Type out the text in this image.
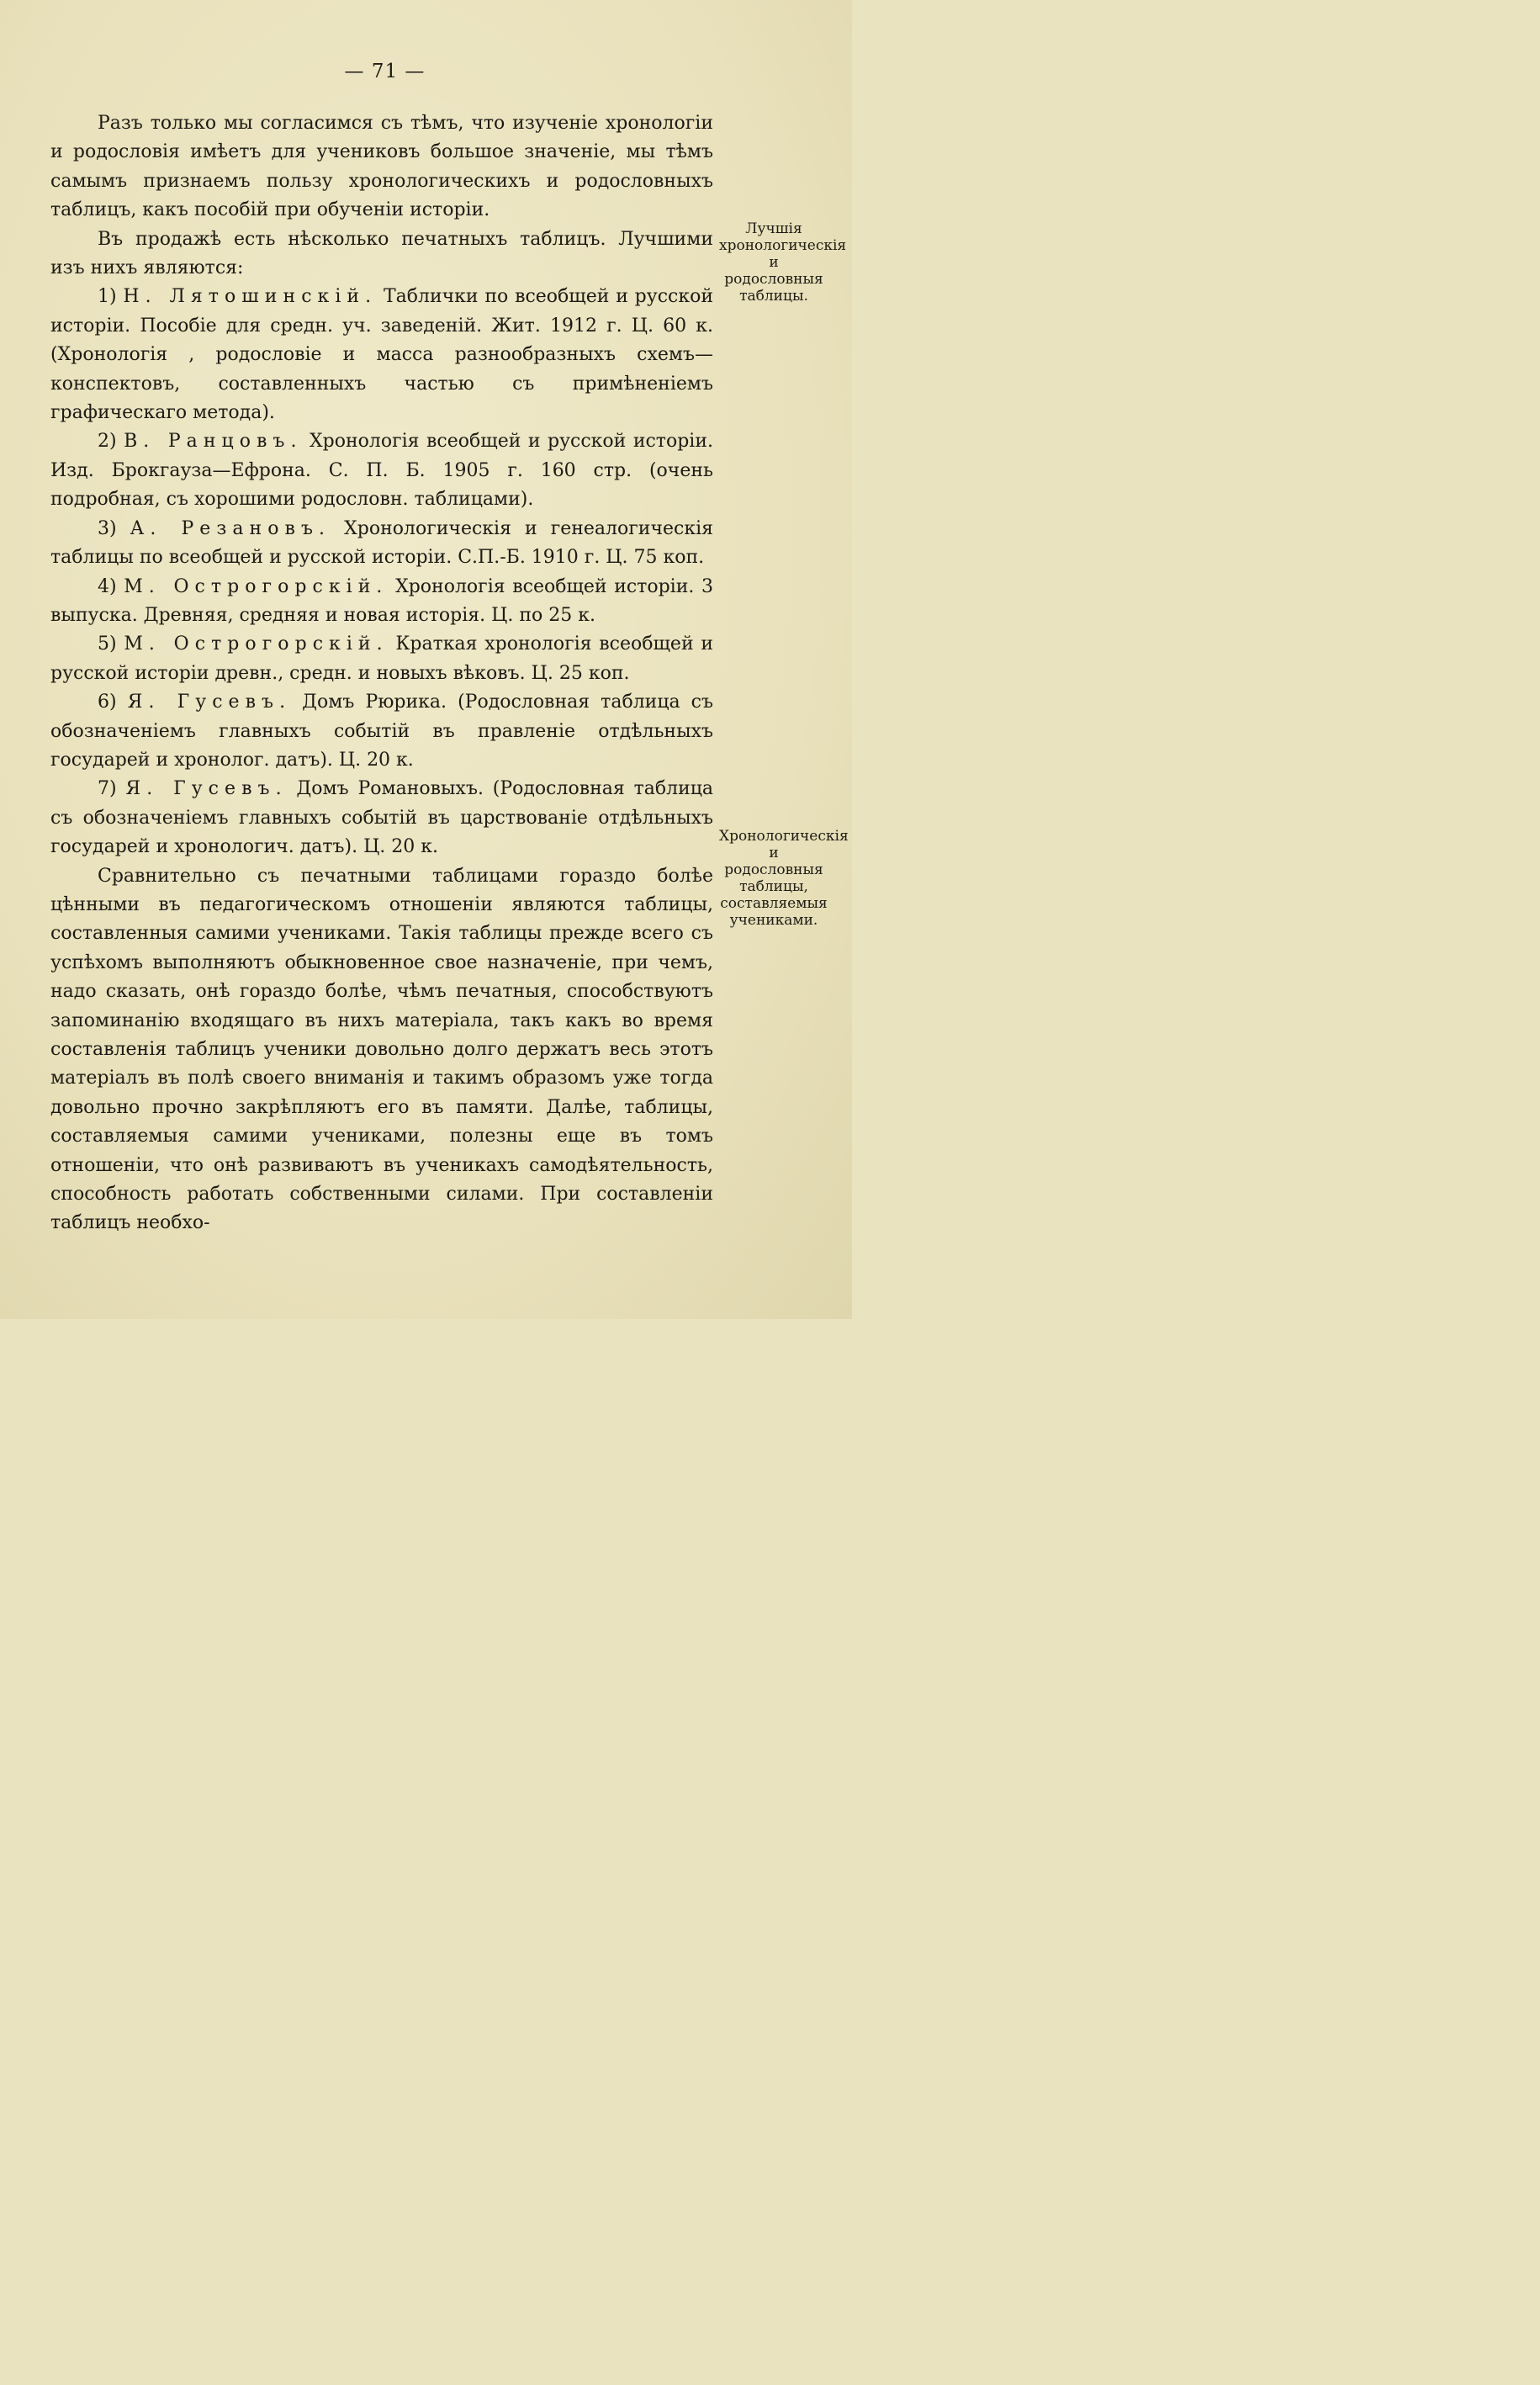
— 71 —

Разъ только мы согласимся съ тѣмъ, что изученіе хронологіи и родословія имѣетъ для учениковъ большое значеніе, мы тѣмъ самымъ признаемъ пользу хронологическихъ и родословныхъ таблицъ, какъ пособій при обученіи исторіи.

Въ продажѣ есть нѣсколько печатныхъ таблицъ. Лучшими изъ нихъ являются:

1) Н. Лятошинскій. Таблички по всеобщей и русской исторіи. Пособіе для средн. уч. заведеній. Жит. 1912 г. Ц. 60 к. (Хронологія , родословіе и масса разнообразныхъ схемъ—конспектовъ, составленныхъ частью съ примѣненіемъ графическаго метода).

2) В. Ранцовъ. Хронологія всеобщей и русской исторіи. Изд. Брокгауза—Ефрона. С. П. Б. 1905 г. 160 стр. (очень подробная, съ хорошими родословн. таблицами).

3) А. Резановъ. Хронологическія и генеалогическія таблицы по всеобщей и русской исторіи. С.П.-Б. 1910 г. Ц. 75 коп.

4) М. Острогорскій. Хронологія всеобщей исторіи. 3 выпуска. Древняя, средняя и новая исторія. Ц. по 25 к.

5) М. Острогорскій. Краткая хронологія всеобщей и русской исторіи древн., средн. и новыхъ вѣковъ. Ц. 25 коп.

6) Я. Гусевъ. Домъ Рюрика. (Родословная таблица съ обозначеніемъ главныхъ событій въ правленіе отдѣльныхъ государей и хронолог. датъ). Ц. 20 к.

7) Я. Гусевъ. Домъ Романовыхъ. (Родословная таблица съ обозначеніемъ главныхъ событій въ царствованіе отдѣльныхъ государей и хронологич. датъ). Ц. 20 к.

Сравнительно съ печатными таблицами гораздо болѣе цѣнными въ педагогическомъ отношеніи являются таблицы, составленныя самими учениками. Такія таблицы прежде всего съ успѣхомъ выполняютъ обыкновенное свое назначеніе, при чемъ, надо сказать, онѣ гораздо болѣе, чѣмъ печатныя, способствуютъ запоминанію входящаго въ нихъ матеріала, такъ какъ во время составленія таблицъ ученики довольно долго держатъ весь этотъ матеріалъ въ полѣ своего вниманія и такимъ образомъ уже тогда довольно прочно закрѣпляютъ его въ памяти. Далѣе, таблицы, составляемыя самими учениками, полезны еще въ томъ отношеніи, что онѣ развиваютъ въ ученикахъ самодѣятельность, способность работать собственными силами. При составленіи таблицъ необхо-

Лучшія хронологическія и родословныя таблицы.
Хронологическія и родословныя таблицы, составляемыя учениками.
